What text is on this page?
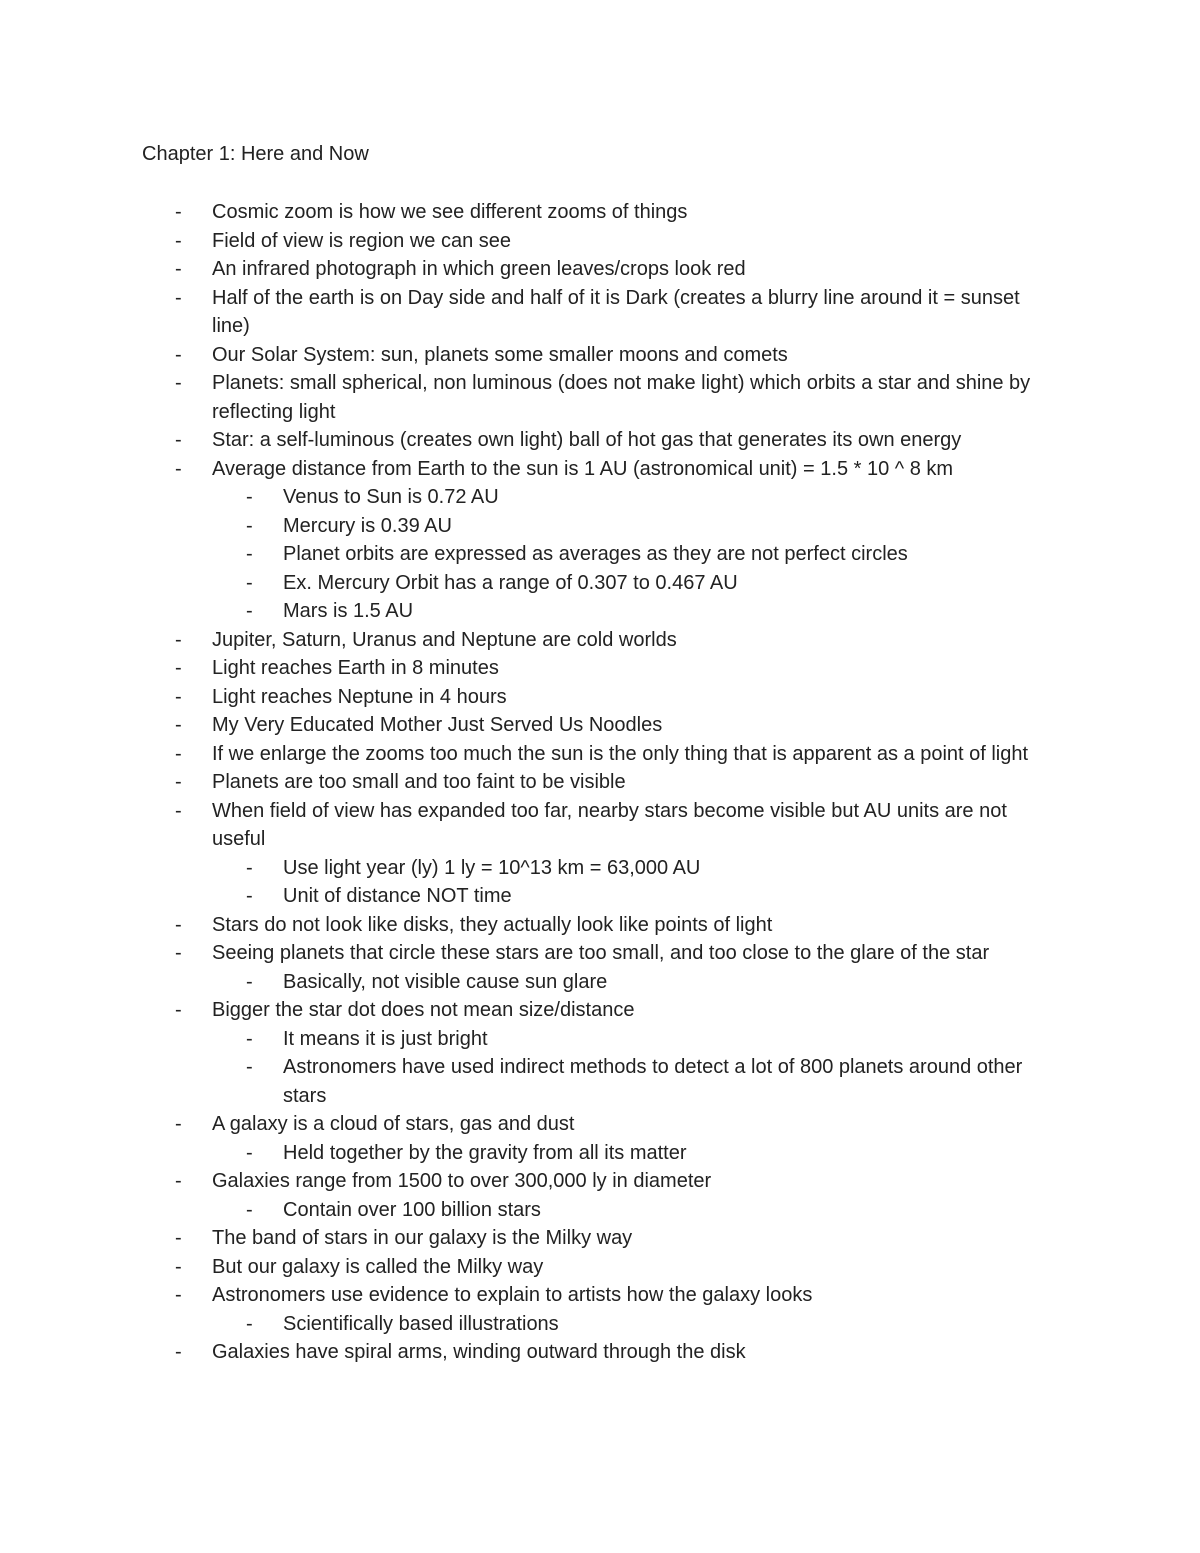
Chapter 1: Here and Now
- Cosmic zoom is how we see different zooms of things
- Field of view is region we can see
- An infrared photograph in which green leaves/crops look red
- Half of the earth is on Day side and half of it is Dark (creates a blurry line around it = sunset line)
- Our Solar System: sun, planets some smaller moons and comets
- Planets: small spherical, non luminous (does not make light) which orbits a star and shine by reflecting light
- Star: a self-luminous (creates own light) ball of hot gas that generates its own energy
- Average distance from Earth to the sun is 1 AU (astronomical unit) = 1.5 * 10 ^ 8 km
- Venus to Sun is 0.72 AU
- Mercury is 0.39 AU
- Planet orbits are expressed as averages as they are not perfect circles
- Ex. Mercury Orbit has a range of 0.307 to 0.467 AU
- Mars is 1.5 AU
- Jupiter, Saturn, Uranus and Neptune are cold worlds
- Light reaches Earth in 8 minutes
- Light reaches Neptune in 4 hours
- My Very Educated Mother Just Served Us Noodles
- If we enlarge the zooms too much the sun is the only thing that is apparent as a point of light
- Planets are too small and too faint to be visible
- When field of view has expanded too far, nearby stars become visible but AU units are not useful
- Use light year (ly) 1 ly = 10^13 km = 63,000 AU
- Unit of distance NOT time
- Stars do not look like disks, they actually look like points of light
- Seeing planets that circle these stars are too small, and too close to the glare of the star
- Basically, not visible cause sun glare
- Bigger the star dot does not mean size/distance
- It means it is just bright
- Astronomers have used indirect methods to detect a lot of 800 planets around other stars
- A galaxy is a cloud of stars, gas and dust
- Held together by the gravity from all its matter
- Galaxies range from 1500 to over 300,000 ly in diameter
- Contain over 100 billion stars
- The band of stars in our galaxy is the Milky way
- But our galaxy is called the Milky way
- Astronomers use evidence to explain to artists how the galaxy looks
- Scientifically based illustrations
- Galaxies have spiral arms, winding outward through the disk
